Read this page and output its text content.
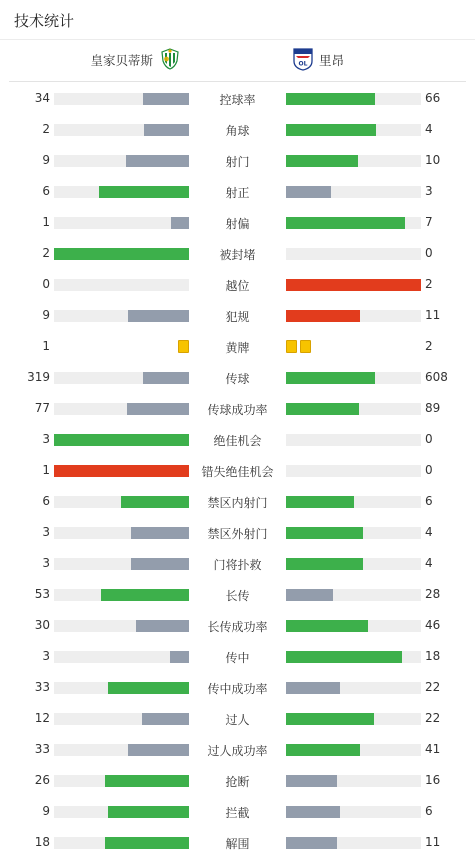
技术统计
皇家贝蒂斯	OL 里昂
34	控球率	66
2	角球	4
9	射门	10
6	射正	3
1	射偏	7
2	被封堵	0
0	越位	2
9	犯规	11
1	黄牌	2
319	传球	608
77	传球成功率	89
3	绝佳机会	0
1	错失绝佳机会	0
6	禁区内射门	6
3	禁区外射门	4
3	门将扑救	4
53	长传	28
30	长传成功率	46
3	传中	18
33	传中成功率	22
12	过人	22
33	过人成功率	41
26	抢断	16
9	拦截	6
18	解围	11
